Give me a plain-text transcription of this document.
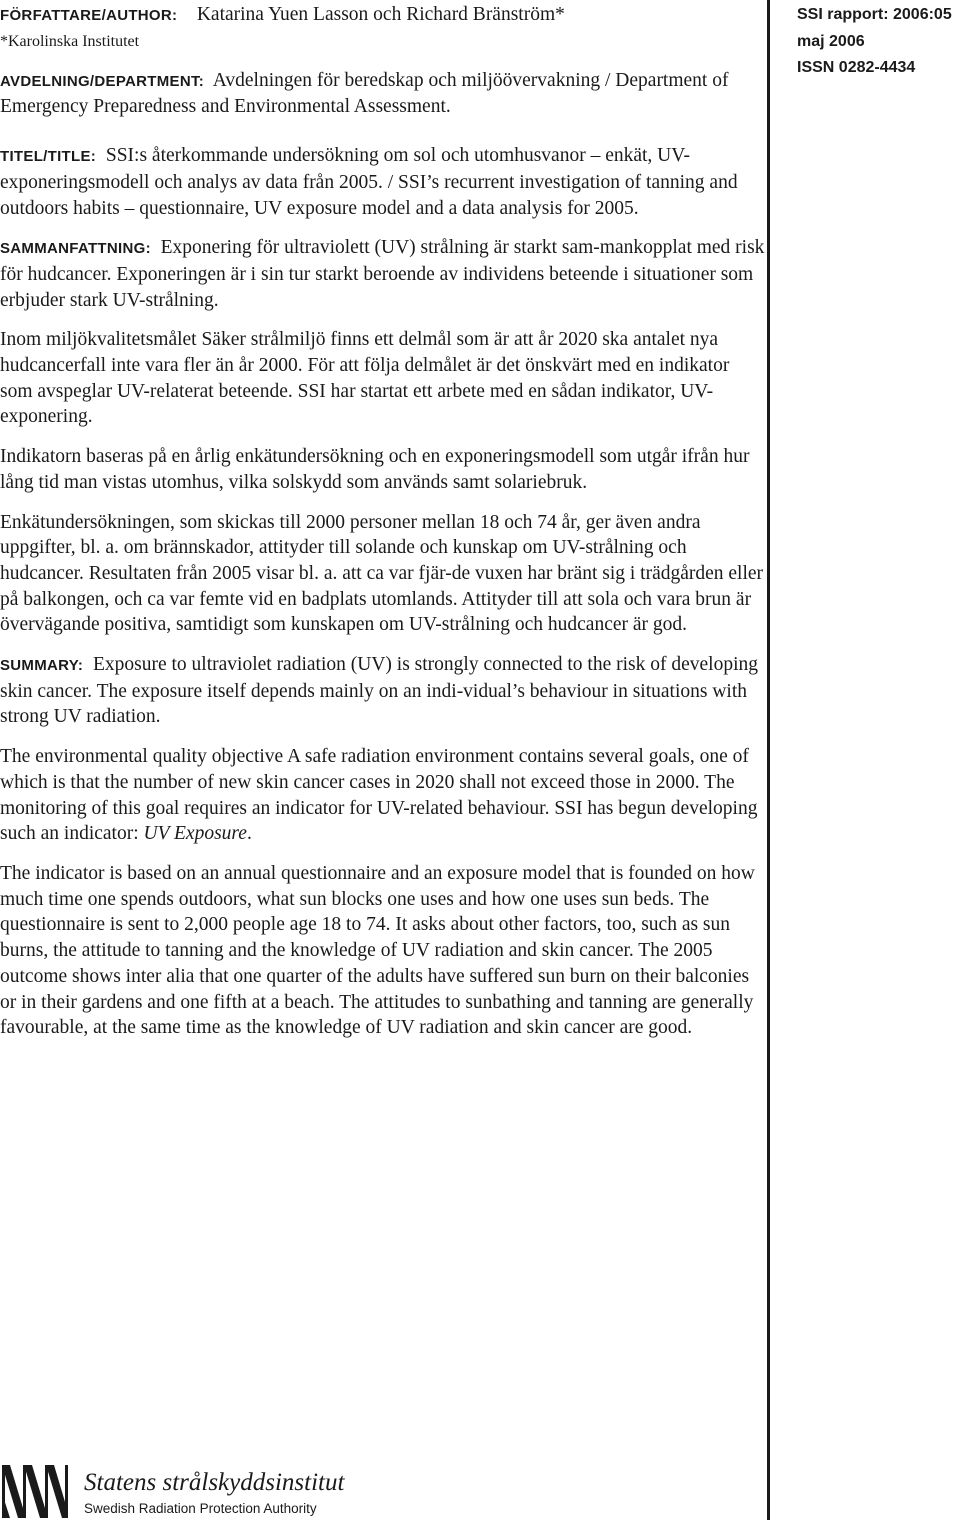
FÖRFATTARE/AUTHOR: Katarina Yuen Lasson och Richard Bränström*

*Karolinska Institutet

AVDELNING/DEPARTMENT: Avdelningen för beredskap och miljöövervakning / Department of Emergency Preparedness and Environmental Assessment.

TITEL/TITLE: SSI:s återkommande undersökning om sol och utomhusvanor – enkät, UV-exponeringsmodell och analys av data från 2005. / SSI’s recurrent investigation of tanning and outdoors habits – questionnaire, UV exposure model and a data analysis for 2005.

SAMMANFATTNING: Exponering för ultraviolett (UV) strålning är starkt sam-mankopplat med risk för hudcancer. Exponeringen är i sin tur starkt beroende av individens beteende i situationer som erbjuder stark UV-strålning.

Inom miljökvalitetsmålet Säker strålmiljö finns ett delmål som är att år 2020 ska antalet nya hudcancerfall inte vara fler än år 2000. För att följa delmålet är det önskvärt med en indikator som avspeglar UV-relaterat beteende. SSI har startat ett arbete med en sådan indikator, UV-exponering.

Indikatorn baseras på en årlig enkätundersökning och en exponeringsmodell som utgår ifrån hur lång tid man vistas utomhus, vilka solskydd som används samt solariebruk.

Enkätundersökningen, som skickas till 2000 personer mellan 18 och 74 år, ger även andra uppgifter, bl. a. om brännskador, attityder till solande och kunskap om UV-strålning och hudcancer. Resultaten från 2005 visar bl. a. att ca var fjär-de vuxen har bränt sig i trädgården eller på balkongen, och ca var femte vid en badplats utomlands. Attityder till att sola och vara brun är övervägande positiva, samtidigt som kunskapen om UV-strålning och hudcancer är god.

SUMMARY: Exposure to ultraviolet radiation (UV) is strongly connected to the risk of developing skin cancer. The exposure itself depends mainly on an indi-vidual’s behaviour in situations with strong UV radiation.

The environmental quality objective A safe radiation environment contains several goals, one of which is that the number of new skin cancer cases in 2020 shall not exceed those in 2000. The monitoring of this goal requires an indicator for UV-related behaviour. SSI has begun developing such an indicator: UV Exposure.

The indicator is based on an annual questionnaire and an exposure model that is founded on how much time one spends outdoors, what sun blocks one uses and how one uses sun beds. The questionnaire is sent to 2,000 people age 18 to 74. It asks about other factors, too, such as sun burns, the attitude to tanning and the knowledge of UV radiation and skin cancer. The 2005 outcome shows inter alia that one quarter of the adults have suffered sun burn on their balconies or in their gardens and one fifth at a beach. The attitudes to sunbathing and tanning are generally favourable, at the same time as the knowledge of UV radiation and skin cancer are good.

SSI rapport: 2006:05
maj 2006
ISSN 0282-4434
Statens strålskyddsinstitut
Swedish Radiation Protection Authority
